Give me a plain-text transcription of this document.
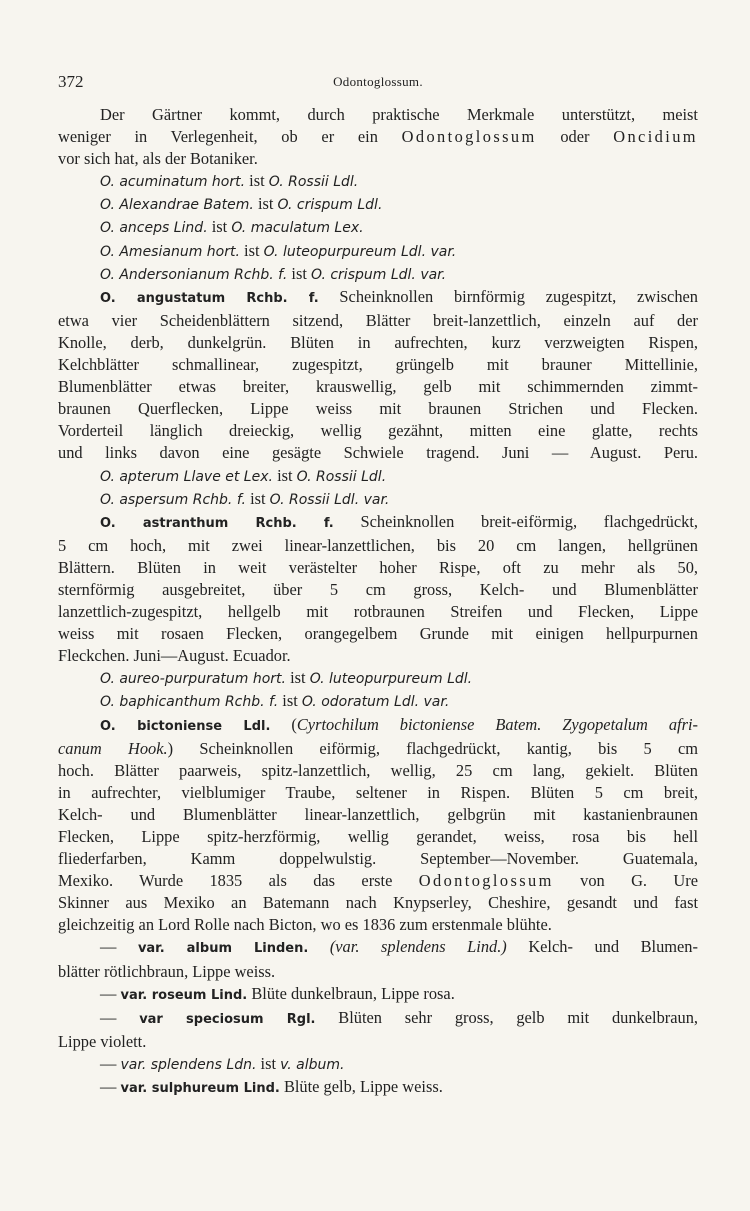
372	Odontoglossum.
Der Gärtner kommt, durch praktische Merkmale unterstützt, meist
weniger in Verlegenheit, ob er ein Odontoglossum oder Oncidium
vor sich hat, als der Botaniker.
O. acuminatum hort. ist O. Rossii Ldl.
O. Alexandrae Batem. ist O. crispum Ldl.
O. anceps Lind. ist O. maculatum Lex.
O. Amesianum hort. ist O. luteopurpureum Ldl. var.
O. Andersonianum Rchb. f. ist O. crispum Ldl. var.
O. angustatum Rchb. f. Scheinknollen birnförmig zugespitzt, zwischen
etwa vier Scheidenblättern sitzend, Blätter breit-lanzettlich, einzeln auf der
Knolle, derb, dunkelgrün. Blüten in aufrechten, kurz verzweigten Rispen,
Kelchblätter schmallinear, zugespitzt, grüngelb mit brauner Mittellinie,
Blumenblätter etwas breiter, krauswellig, gelb mit schimmernden zimmt-
braunen Querflecken, Lippe weiss mit braunen Strichen und Flecken.
Vorderteil länglich dreieckig, wellig gezähnt, mitten eine glatte, rechts
und links davon eine gesägte Schwiele tragend. Juni — August. Peru.
O. apterum Llave et Lex. ist O. Rossii Ldl.
O. aspersum Rchb. f. ist O. Rossii Ldl. var.
O. astranthum Rchb. f. Scheinknollen breit-eiförmig, flachgedrückt,
5 cm hoch, mit zwei linear-lanzettlichen, bis 20 cm langen, hellgrünen
Blättern. Blüten in weit verästelter hoher Rispe, oft zu mehr als 50,
sternförmig ausgebreitet, über 5 cm gross, Kelch- und Blumenblätter
lanzettlich-zugespitzt, hellgelb mit rotbraunen Streifen und Flecken, Lippe
weiss mit rosaen Flecken, orangegelbem Grunde mit einigen hellpurpurnen
Fleckchen. Juni—August. Ecuador.
O. aureo-purpuratum hort. ist O. luteopurpureum Ldl.
O. baphicanthum Rchb. f. ist O. odoratum Ldl. var.
O. bictoniense Ldl. (Cyrtochilum bictoniense Batem. Zygopetalum afri-
canum Hook.) Scheinknollen eiförmig, flachgedrückt, kantig, bis 5 cm
hoch. Blätter paarweis, spitz-lanzettlich, wellig, 25 cm lang, gekielt. Blüten
in aufrechter, vielblumiger Traube, seltener in Rispen. Blüten 5 cm breit,
Kelch- und Blumenblätter linear-lanzettlich, gelbgrün mit kastanienbraunen
Flecken, Lippe spitz-herzförmig, wellig gerandet, weiss, rosa bis hell
fliederfarben, Kamm doppelwulstig. September—November. Guatemala,
Mexiko. Wurde 1835 als das erste Odontoglossum von G. Ure
Skinner aus Mexiko an Batemann nach Knypserley, Cheshire, gesandt und fast
gleichzeitig an Lord Rolle nach Bicton, wo es 1836 zum erstenmale blühte.
— var. album Linden. (var. splendens Lind.) Kelch- und Blumen-
blätter rötlichbraun, Lippe weiss.
— var. roseum Lind. Blüte dunkelbraun, Lippe rosa.
— var speciosum Rgl. Blüten sehr gross, gelb mit dunkelbraun,
Lippe violett.
— var. splendens Ldn. ist v. album.
— var. sulphureum Lind. Blüte gelb, Lippe weiss.
